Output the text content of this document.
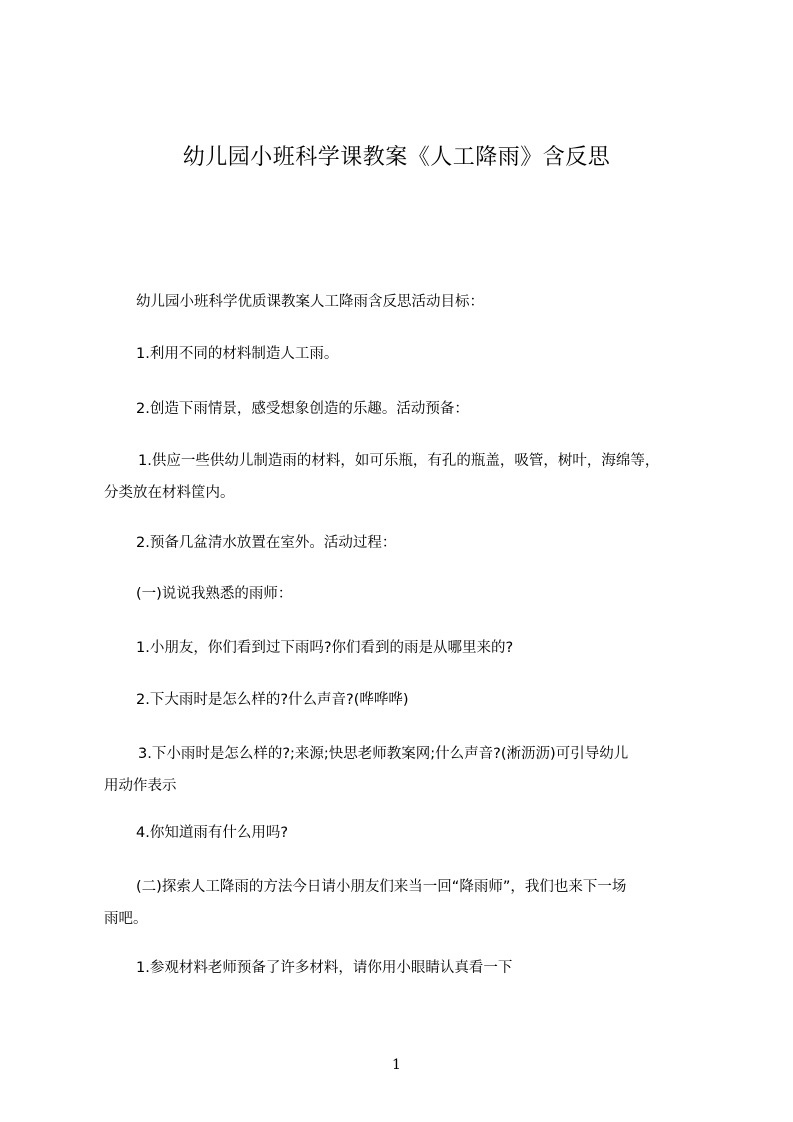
幼儿园小班科学课教案《人工降雨》含反思
幼儿园小班科学优质课教案人工降雨含反思活动目标：
1.利用不同的材料制造人工雨。
2.创造下雨情景，感受想象创造的乐趣。活动预备：
1.供应一些供幼儿制造雨的材料，如可乐瓶，有孔的瓶盖，吸管，树叶，海绵等，
分类放在材料筐内。
2.预备几盆清水放置在室外。活动过程：
(一)说说我熟悉的雨师：
1.小朋友，你们看到过下雨吗?你们看到的雨是从哪里来的?
2.下大雨时是怎么样的?什么声音?(哗哗哗)
3.下小雨时是怎么样的?;来源;快思老师教案网;什么声音?(淅沥沥)可引导幼儿
用动作表示
4.你知道雨有什么用吗?
(二)探索人工降雨的方法今日请小朋友们来当一回“降雨师”，我们也来下一场
雨吧。
1.参观材料老师预备了许多材料，请你用小眼睛认真看一下
1
